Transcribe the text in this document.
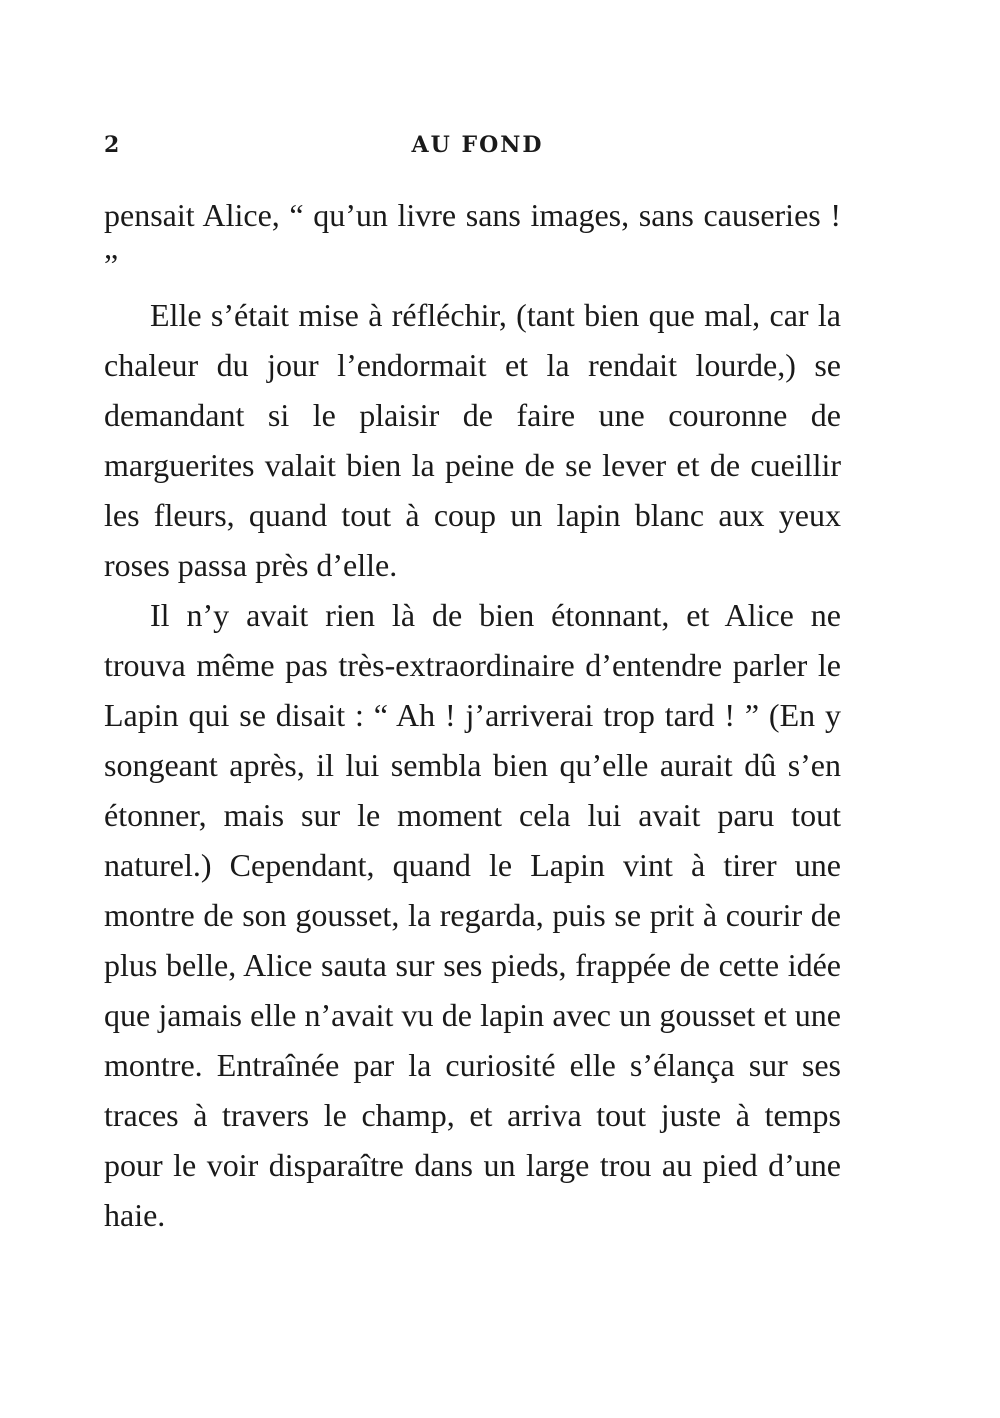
2	AU FOND

pensait Alice, “ qu’un livre sans images, sans causeries ! ”

Elle s’était mise à réfléchir, (tant bien que mal, car la chaleur du jour l’endormait et la rendait lourde,) se demandant si le plaisir de faire une couronne de marguerites valait bien la peine de se lever et de cueillir les fleurs, quand tout à coup un lapin blanc aux yeux roses passa près d’elle.

Il n’y avait rien là de bien étonnant, et Alice ne trouva même pas très-extraordinaire d’entendre parler le Lapin qui se disait : “ Ah ! j’arriverai trop tard ! ” (En y songeant après, il lui sembla bien qu’elle aurait dû s’en étonner, mais sur le moment cela lui avait paru tout naturel.) Cependant, quand le Lapin vint à tirer une montre de son gousset, la regarda, puis se prit à courir de plus belle, Alice sauta sur ses pieds, frappée de cette idée que jamais elle n’avait vu de lapin avec un gousset et une montre. Entraînée par la curiosité elle s’élança sur ses traces à travers le champ, et arriva tout juste à temps pour le voir disparaître dans un large trou au pied d’une haie.
